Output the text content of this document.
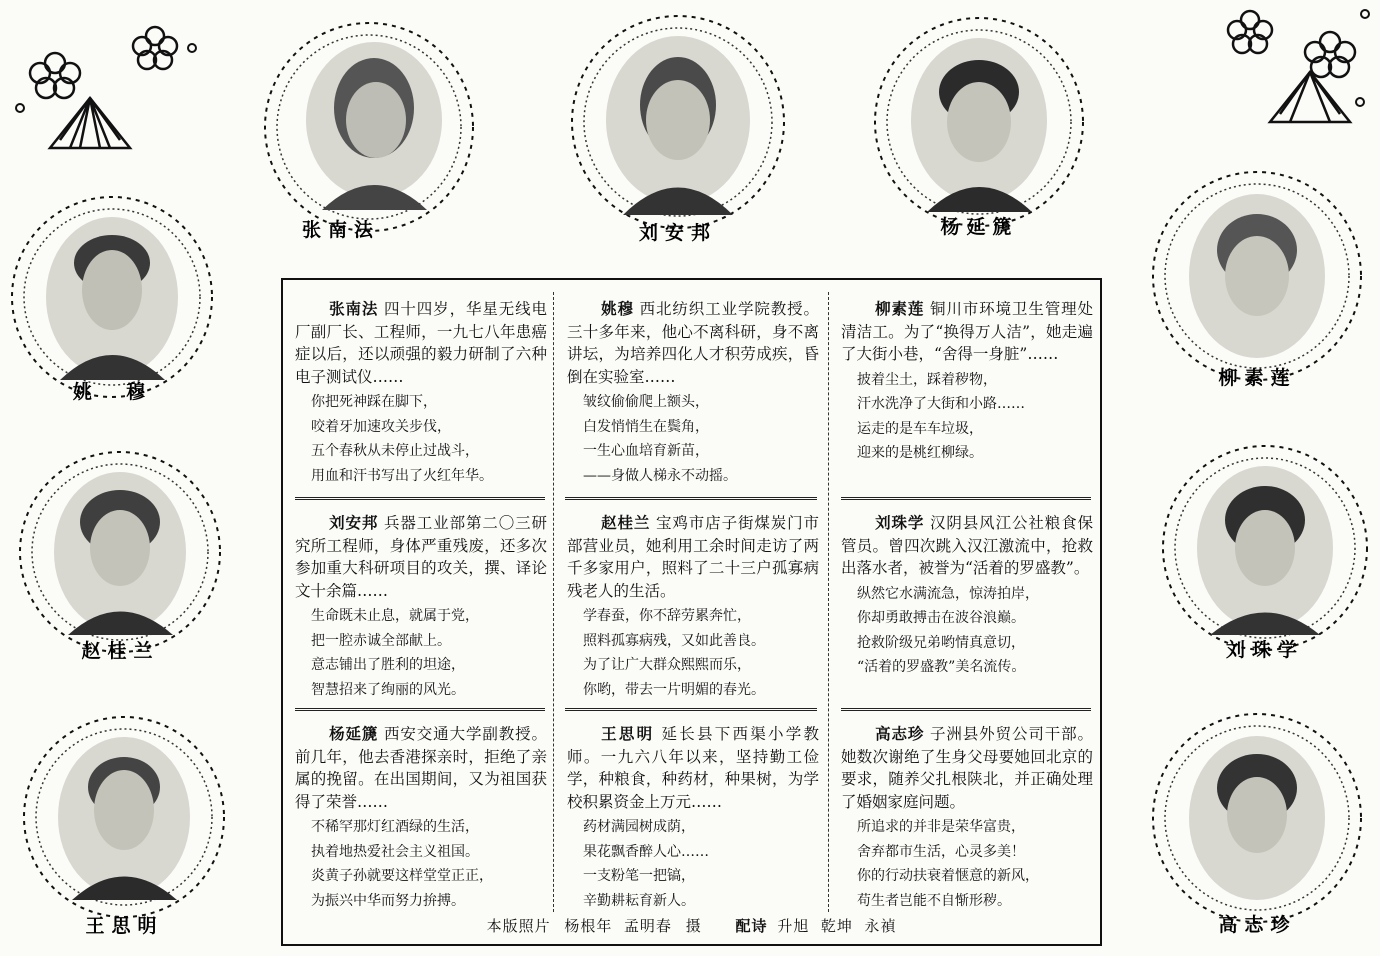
张南法	刘安邦	杨延篪
姚  穆
赵桂兰
王思明
柳素莲
刘珠学
高志珍

张南法 四十四岁，华星无线电厂副厂长、工程师，一九七八年患癌症以后，还以顽强的毅力研制了六种电子测试仪……

你把死神踩在脚下，
咬着牙加速攻关步伐，
五个春秋从未停止过战斗，
用血和汗书写出了火红年华。

姚穆 西北纺织工业学院教授。三十多年来，他心不离科研，身不离讲坛，为培养四化人才积劳成疾，昏倒在实验室……

皱纹偷偷爬上额头，
白发悄悄生在鬓角，
一生心血培育新苗，
——身做人梯永不动摇。

柳素莲 铜川市环境卫生管理处清洁工。为了“换得万人洁”，她走遍了大街小巷，“舍得一身脏”……

披着尘土，踩着秽物，
汗水洗净了大街和小路……
运走的是车车垃圾，
迎来的是桃红柳绿。

刘安邦 兵器工业部第二〇三研究所工程师，身体严重残废，还多次参加重大科研项目的攻关，撰、译论文十余篇……

生命既未止息，就属于党，
把一腔赤诚全部献上。
意志铺出了胜利的坦途，
智慧招来了绚丽的风光。

赵桂兰 宝鸡市店子街煤炭门市部营业员，她利用工余时间走访了两千多家用户，照料了二十三户孤寡病残老人的生活。

学春蚕，你不辞劳累奔忙，
照料孤寡病残，又如此善良。
为了让广大群众熙熙而乐，
你哟，带去一片明媚的春光。

刘珠学 汉阴县风江公社粮食保管员。曾四次跳入汉江激流中，抢救出落水者，被誉为“活着的罗盛教”。

纵然它水满流急，惊涛拍岸，
你却勇敢搏击在波谷浪巅。
抢救阶级兄弟哟情真意切，
“活着的罗盛教”美名流传。

杨延篪 西安交通大学副教授。前几年，他去香港探亲时，拒绝了亲属的挽留。在出国期间，又为祖国获得了荣誉……

不稀罕那灯红酒绿的生活，
执着地热爱社会主义祖国。
炎黄子孙就要这样堂堂正正，
为振兴中华而努力拚搏。

王思明 延长县下西渠小学教师。一九六八年以来，坚持勤工俭学，种粮食，种药材，种果树，为学校积累资金上万元……

药材满园树成荫，
果花飘香醉人心……
一支粉笔一把镐，
辛勤耕耘育新人。

高志珍 子洲县外贸公司干部。她数次谢绝了生身父母要她回北京的要求，随养父扎根陕北，并正确处理了婚姻家庭问题。

所追求的并非是荣华富贵，
舍弃都市生活，心灵多美！
你的行动扶衰着惬意的新风，
苟生者岂能不自惭形秽。
本版照片 杨根年  孟明春 摄 配诗 升旭  乾坤  永禎
